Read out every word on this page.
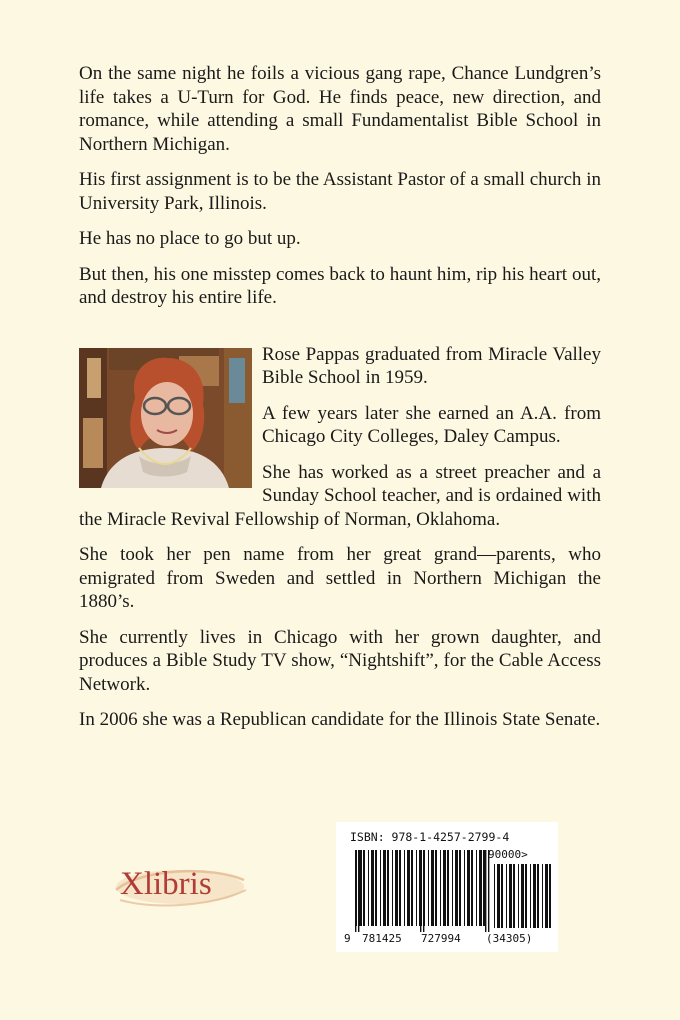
On the same night he foils a vicious gang rape, Chance Lundgren’s life takes a U-Turn for God. He finds peace, new direction, and romance, while attending a small Fundamentalist Bible School in Northern Michigan.

His first assignment is to be the Assistant Pastor of a small church in University Park, Illinois.

He has no place to go but up.

But then, his one misstep comes back to haunt him, rip his heart out, and destroy his entire life.

Rose Pappas graduated from Miracle Valley Bible School in 1959.

A few years later she earned an A.A. from Chicago City Colleges, Daley Campus.

She has worked as a street preacher and a Sunday School teacher, and is ordained with the Miracle Revival Fellowship of Norman, Oklahoma.

She took her pen name from her great grand—parents, who emigrated from Sweden and settled in Northern Michigan the 1880’s.

She currently lives in Chicago with her grown daughter, and produces a Bible Study TV show, “Nightshift”, for the Cable Access Network.

In 2006 she was a Republican candidate for the Illinois State Senate.

Xlibris
ISBN: 978-1-4257-2799-4
90000>
9 781425 727994 (34305)
